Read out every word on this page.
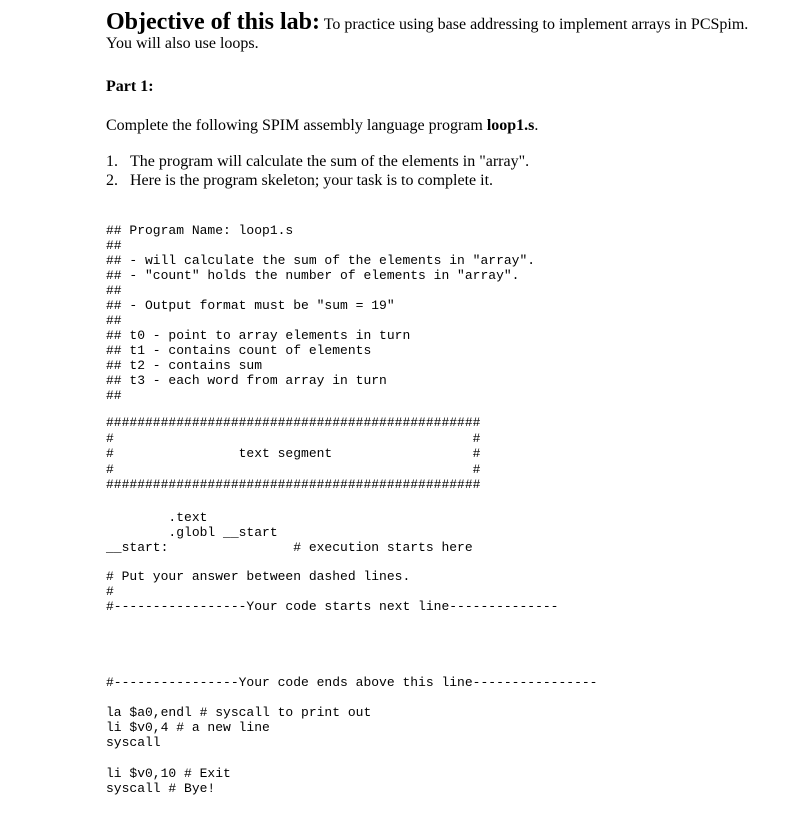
Objective of this lab: To practice using base addressing to implement arrays in PCSpim. You will also use loops.
Part 1:
Complete the following SPIM assembly language program loop1.s.
1. The program will calculate the sum of the elements in "array".
2. Here is the program skeleton; your task is to complete it.
## Program Name: loop1.s
##
## - will calculate the sum of the elements in "array".
## - "count" holds the number of elements in "array".
##
## - Output format must be "sum = 19"
##
## t0 - point to array elements in turn
## t1 - contains count of elements
## t2 - contains sum
## t3 - each word from array in turn
##
################################################
#                                              #
#                text segment                  #
#                                              #
################################################
.text
.globl __start
__start:                # execution starts here
# Put your answer between dashed lines.
#
#-----------------Your code starts next line--------------
#----------------Your code ends above this line----------------
la $a0,endl # syscall to print out
li $v0,4 # a new line
syscall
li $v0,10 # Exit
syscall # Bye!
